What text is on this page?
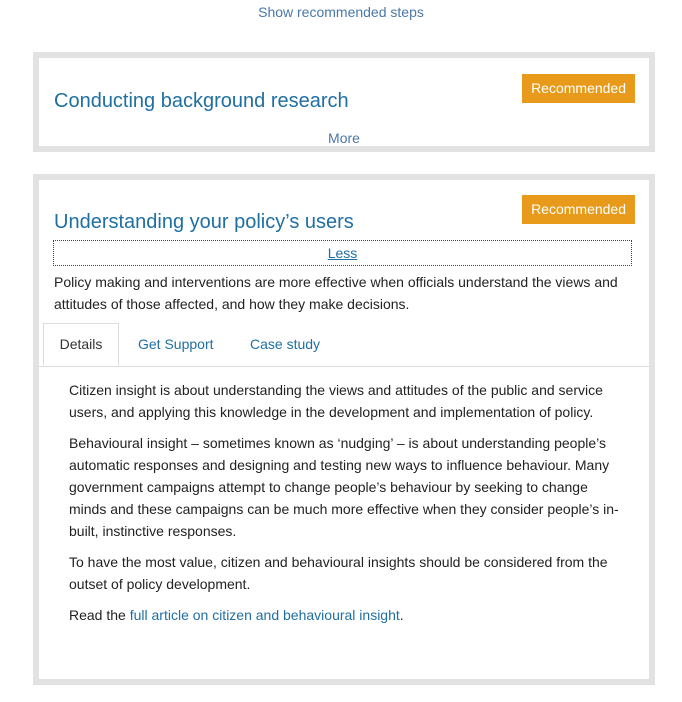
Show recommended steps
Recommended
Conducting background research
More
Recommended
Understanding your policy’s users
Less
Policy making and interventions are more effective when officials understand the views and attitudes of those affected, and how they make decisions.
Details	Get Support	Case study

Citizen insight is about understanding the views and attitudes of the public and service users, and applying this knowledge in the development and implementation of policy.

Behavioural insight – sometimes known as ‘nudging’ – is about understanding people’s automatic responses and designing and testing new ways to influence behaviour. Many government campaigns attempt to change people’s behaviour by seeking to change minds and these campaigns can be much more effective when they consider people’s in-built, instinctive responses.

To have the most value, citizen and behavioural insights should be considered from the outset of policy development.

Read the full article on citizen and behavioural insight.
